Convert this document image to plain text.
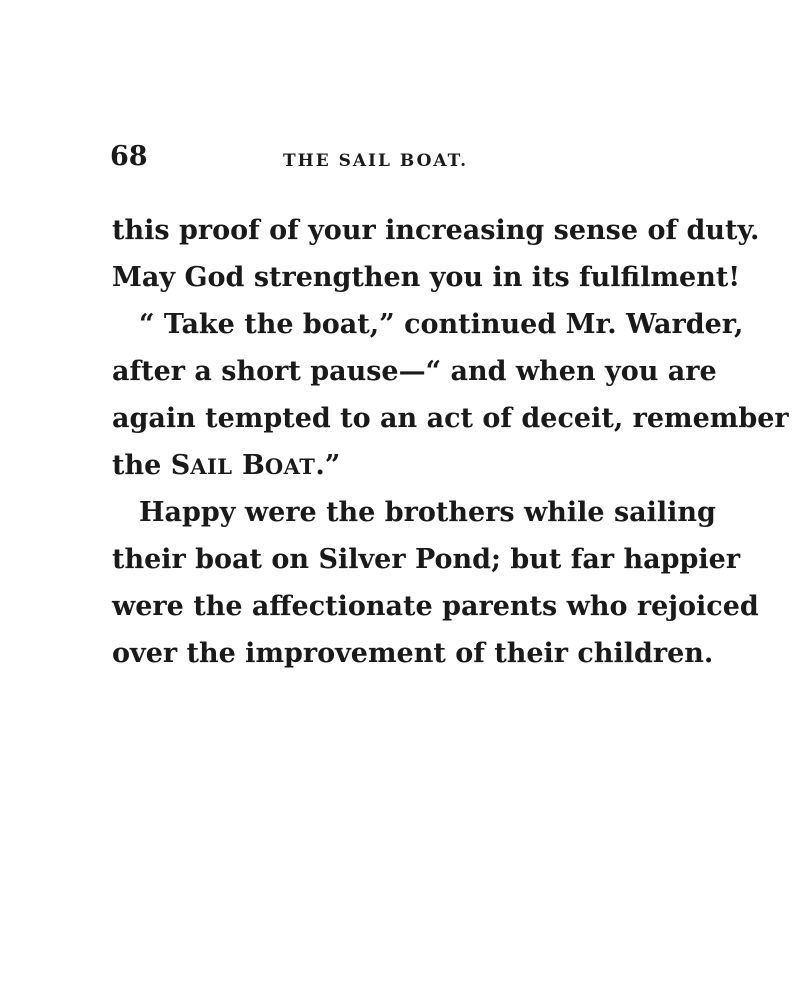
68	THE SAIL BOAT.
this proof of your increasing sense of duty.
May God strengthen you in its fulfilment!
“ Take the boat,” continued Mr. Warder,
after a short pause—“ and when you are
again tempted to an act of deceit, remember
the SAIL BOAT.”
Happy were the brothers while sailing
their boat on Silver Pond; but far happier
were the affectionate parents who rejoiced
over the improvement of their children.
